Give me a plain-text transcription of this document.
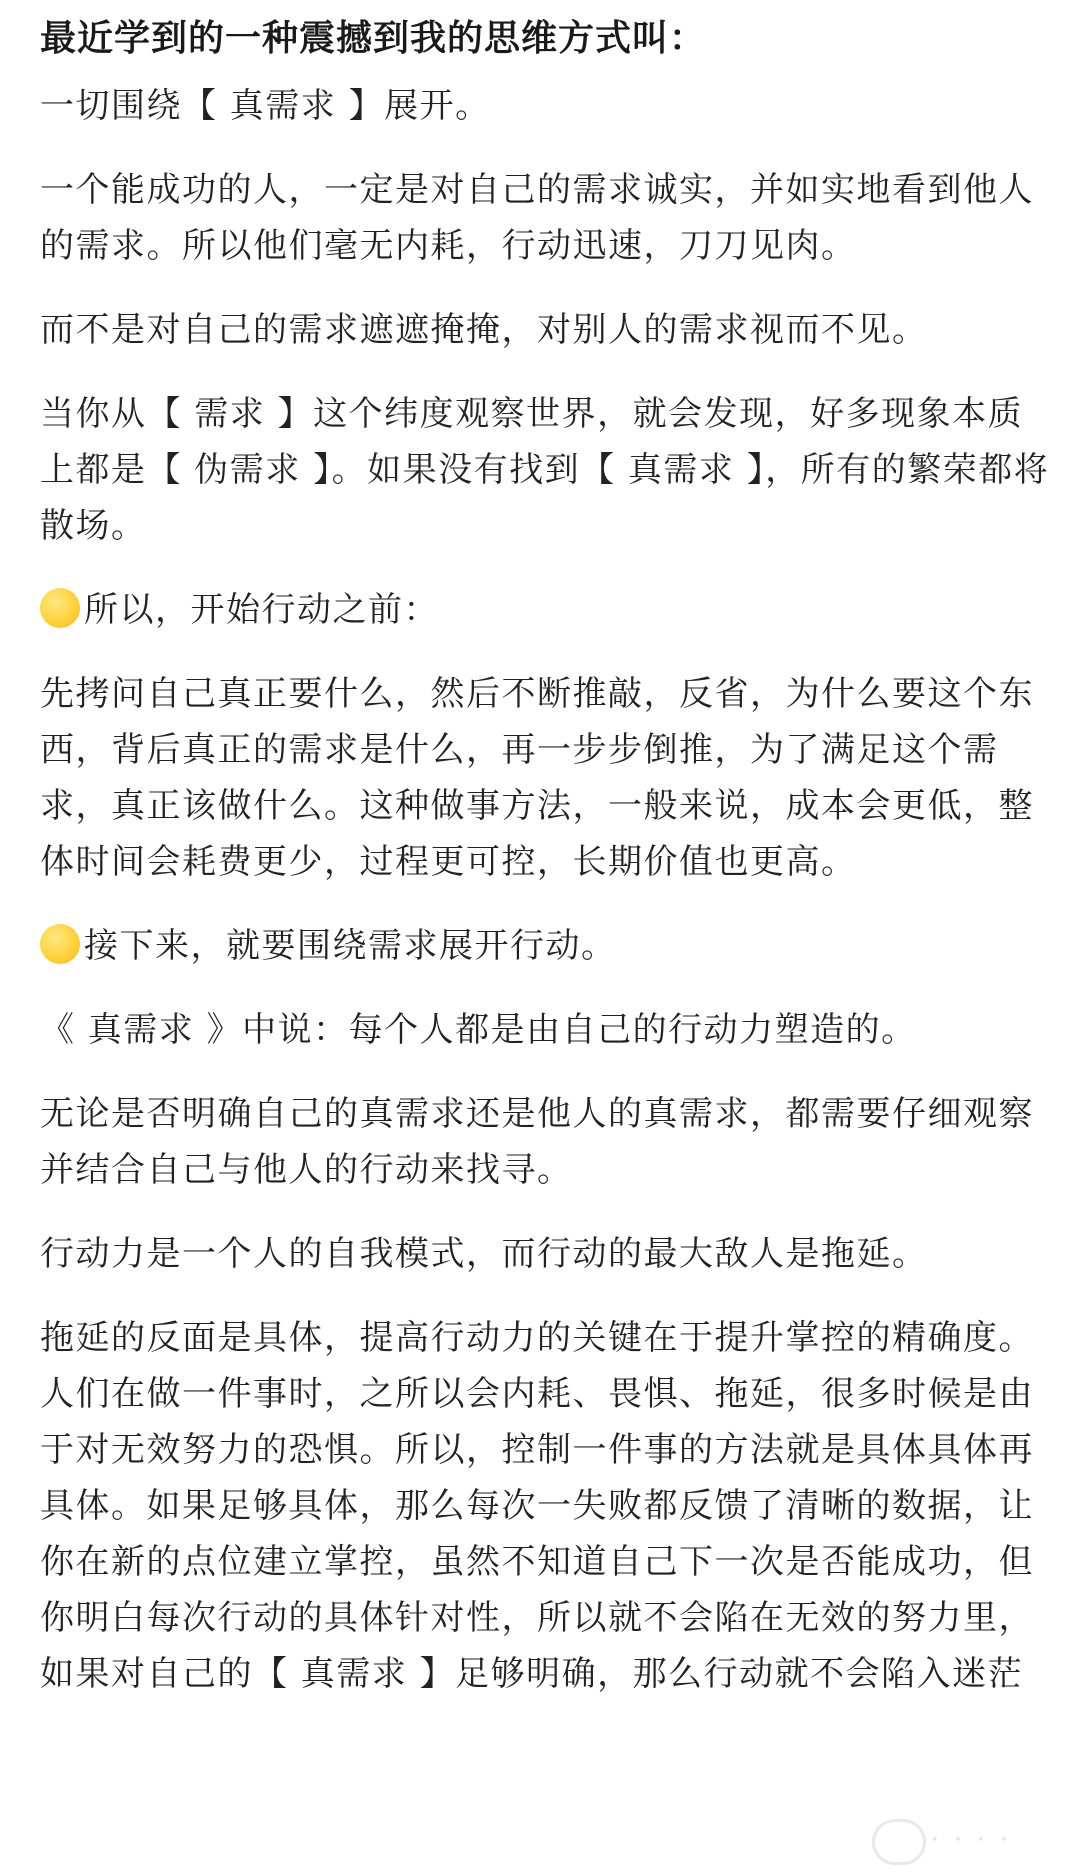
最近学到的一种震撼到我的思维方式叫：

一切围绕【 真需求 】展开。

一个能成功的人，一定是对自己的需求诚实，并如实地看到他人的需求。所以他们毫无内耗，行动迅速，刀刀见肉。

而不是对自己的需求遮遮掩掩，对别人的需求视而不见。

当你从【 需求 】这个纬度观察世界，就会发现，好多现象本质上都是【 伪需求 】。如果没有找到【 真需求 】，所有的繁荣都将散场。

所以，开始行动之前：

先拷问自己真正要什么，然后不断推敲，反省，为什么要这个东西，背后真正的需求是什么，再一步步倒推，为了满足这个需求，真正该做什么。这种做事方法，一般来说，成本会更低，整体时间会耗费更少，过程更可控，长期价值也更高。

接下来，就要围绕需求展开行动。

《 真需求 》中说：每个人都是由自己的行动力塑造的。

无论是否明确自己的真需求还是他人的真需求，都需要仔细观察并结合自己与他人的行动来找寻。

行动力是一个人的自我模式，而行动的最大敌人是拖延。

拖延的反面是具体，提高行动力的关键在于提升掌控的精确度。人们在做一件事时，之所以会内耗、畏惧、拖延，很多时候是由于对无效努力的恐惧。所以，控制一件事的方法就是具体具体再具体。如果足够具体，那么每次一失败都反馈了清晰的数据，让你在新的点位建立掌控，虽然不知道自己下一次是否能成功，但你明白每次行动的具体针对性，所以就不会陷在无效的努力里，如果对自己的【 真需求 】足够明确，那么行动就不会陷入迷茫

· · · ·
